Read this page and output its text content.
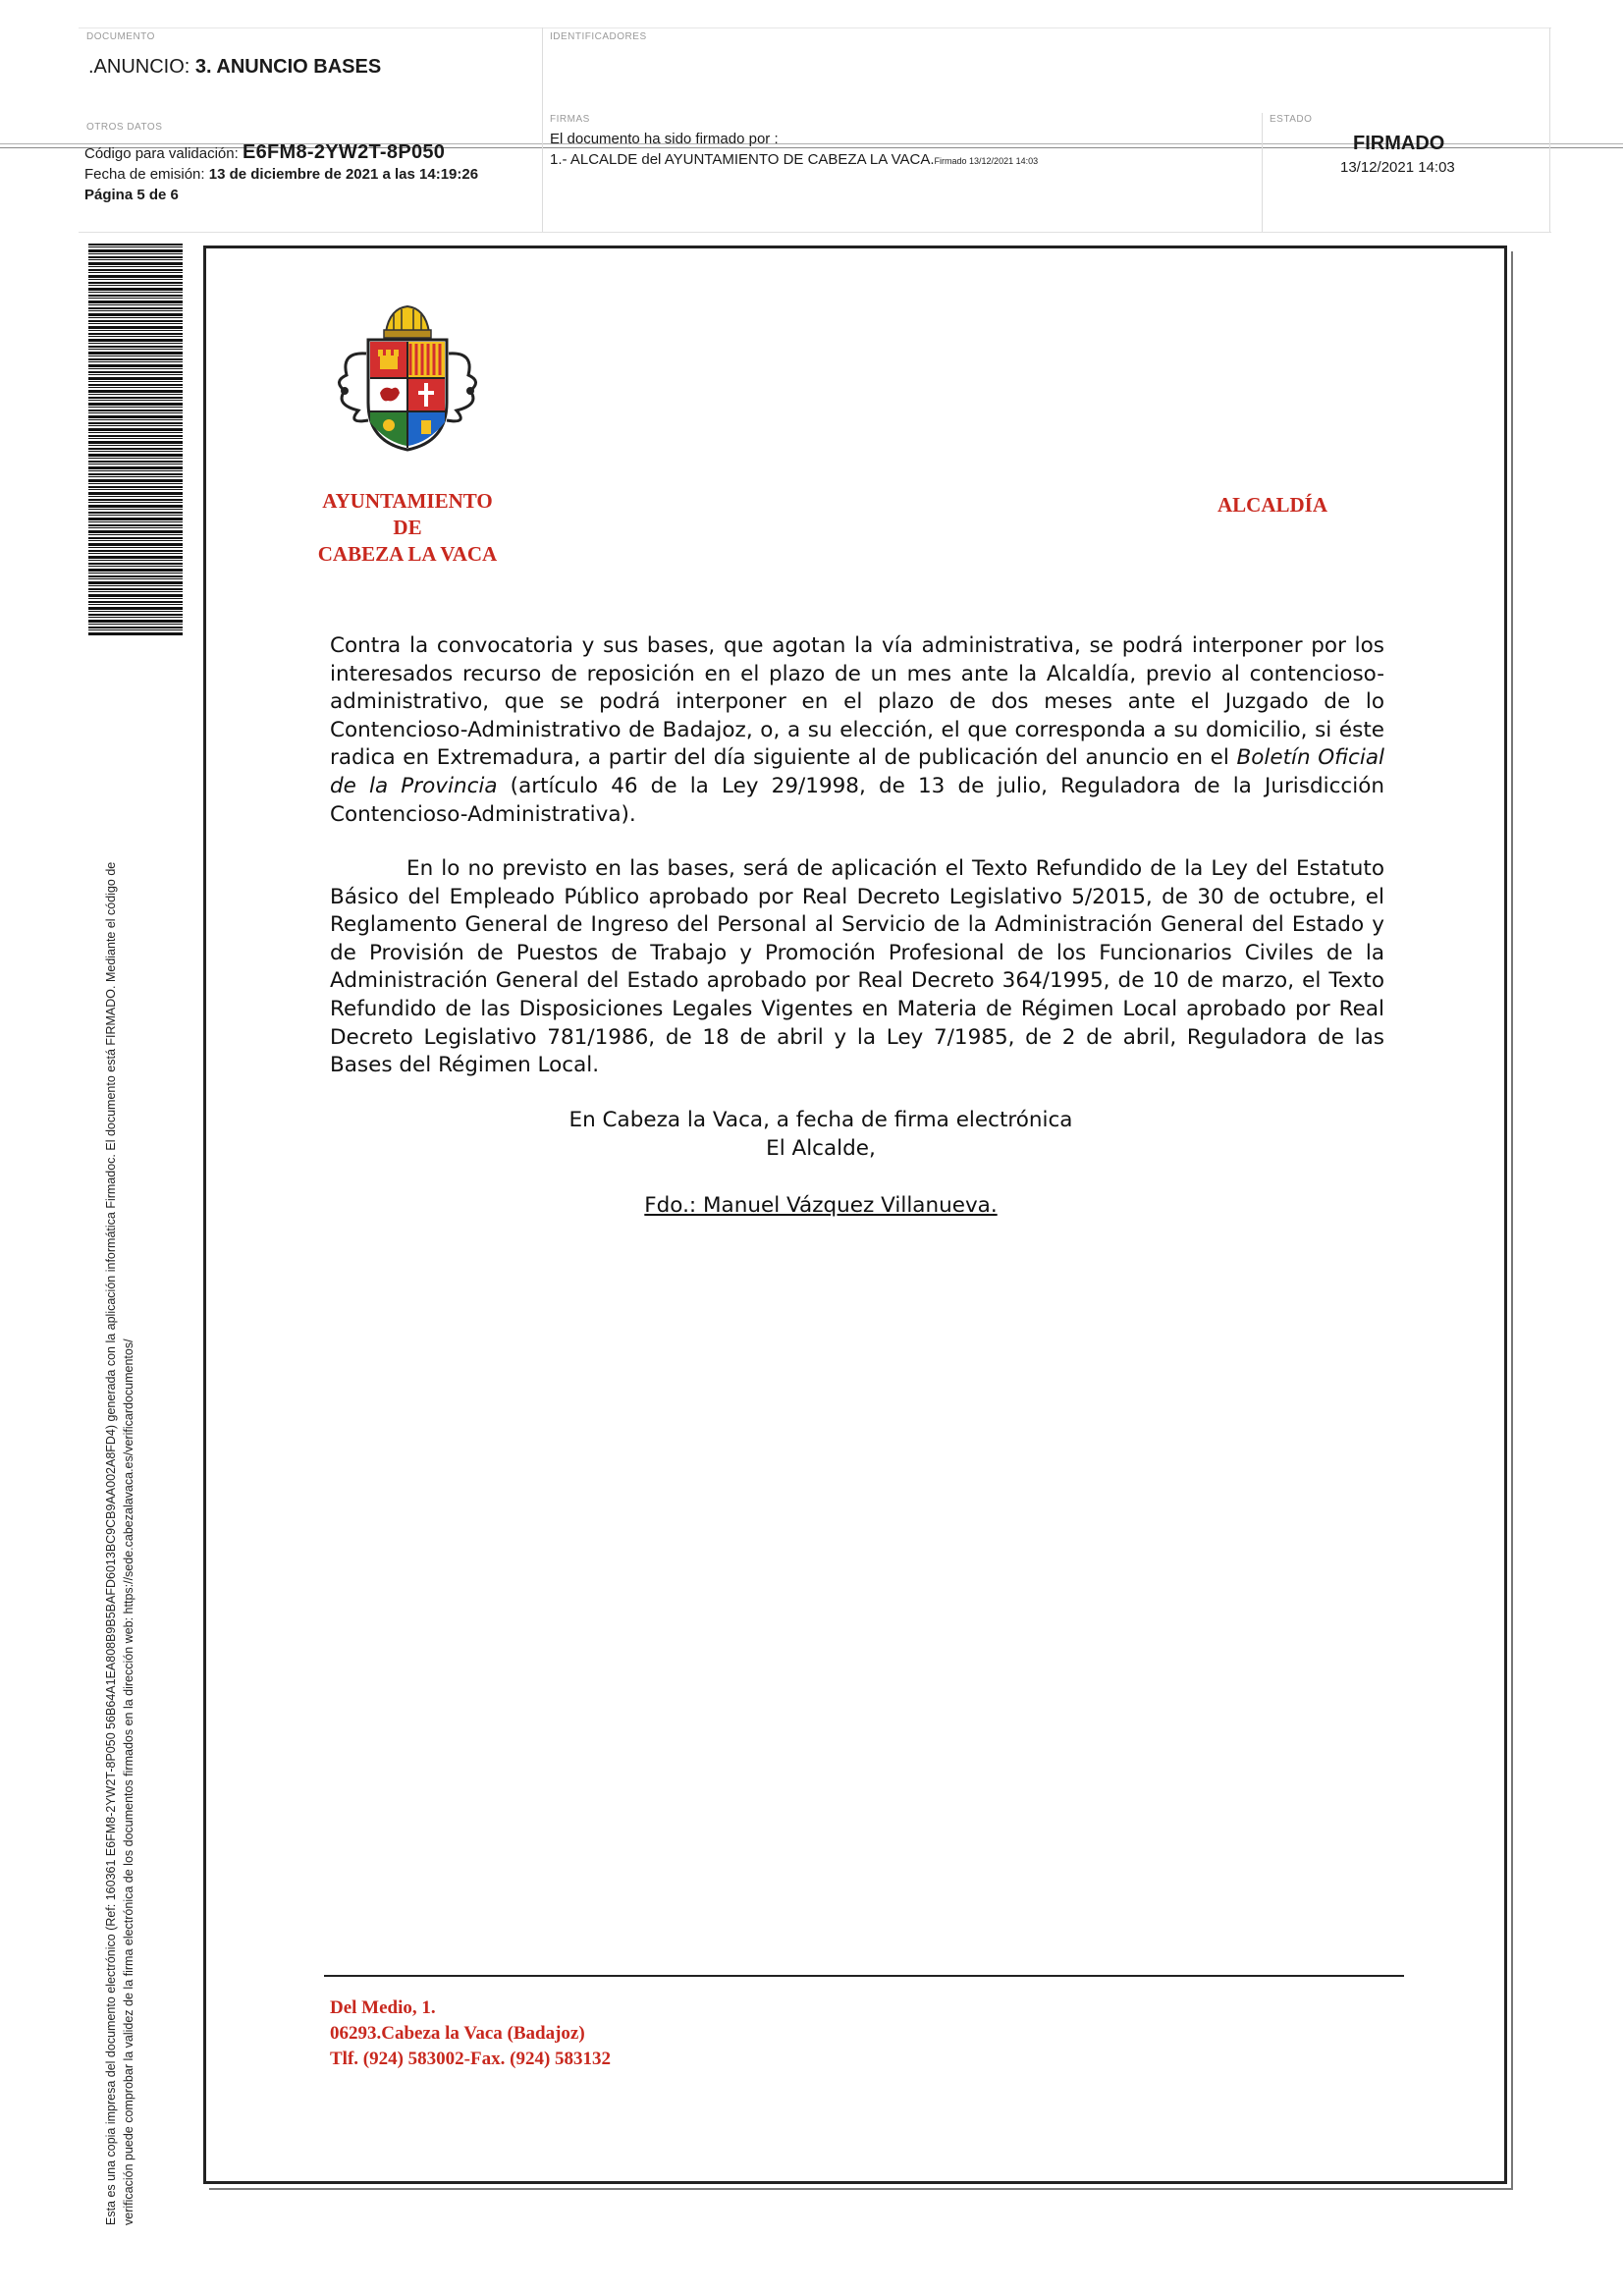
DOCUMENTO
.ANUNCIO: 3. ANUNCIO BASES
IDENTIFICADORES
OTROS DATOS
Código para validación: E6FM8-2YW2T-8P050
Fecha de emisión: 13 de diciembre de 2021 a las 14:19:26
Página 5 de 6
FIRMAS
El documento ha sido firmado por :
1.- ALCALDE del AYUNTAMIENTO DE CABEZA LA VACA.Firmado 13/12/2021 14:03
ESTADO
FIRMADO
13/12/2021 14:03
Esta es una copia impresa del documento electrónico (Ref: 160361 E6FM8-2YW2T-8P050 56B64A1EA808B9B5BAFD6013BC9CB9AA002A8FD4) generada con la aplicación informática Firmadoc. El documento está FIRMADO. Mediante el código de verificación puede comprobar la validez de la firma electrónica de los documentos firmados en la dirección web: https://sede.cabezalavaca.es/verificardocumentos/
AYUNTAMIENTO
DE
CABEZA LA VACA
ALCALDÍA
Contra la convocatoria y sus bases, que agotan la vía administrativa, se podrá interponer por los interesados recurso de reposición en el plazo de un mes ante la Alcaldía, previo al contencioso-administrativo, que se podrá interponer en el plazo de dos meses ante el Juzgado de lo Contencioso-Administrativo de Badajoz, o, a su elección, el que corresponda a su domicilio, si éste radica en Extremadura, a partir del día siguiente al de publicación del anuncio en el Boletín Oficial de la Provincia (artículo 46 de la Ley 29/1998, de 13 de julio, Reguladora de la Jurisdicción Contencioso-Administrativa).
En lo no previsto en las bases, será de aplicación el Texto Refundido de la Ley del Estatuto Básico del Empleado Público aprobado por Real Decreto Legislativo 5/2015, de 30 de octubre, el Reglamento General de Ingreso del Personal al Servicio de la Administración General del Estado y de Provisión de Puestos de Trabajo y Promoción Profesional de los Funcionarios Civiles de la Administración General del Estado aprobado por Real Decreto 364/1995, de 10 de marzo, el Texto Refundido de las Disposiciones Legales Vigentes en Materia de Régimen Local aprobado por Real Decreto Legislativo 781/1986, de 18 de abril y la Ley 7/1985, de 2 de abril, Reguladora de las Bases del Régimen Local.
En Cabeza la Vaca, a fecha de firma electrónica
El Alcalde,
Fdo.: Manuel Vázquez Villanueva.
Del Medio, 1.
06293.Cabeza la Vaca (Badajoz)
Tlf. (924) 583002-Fax. (924) 583132
